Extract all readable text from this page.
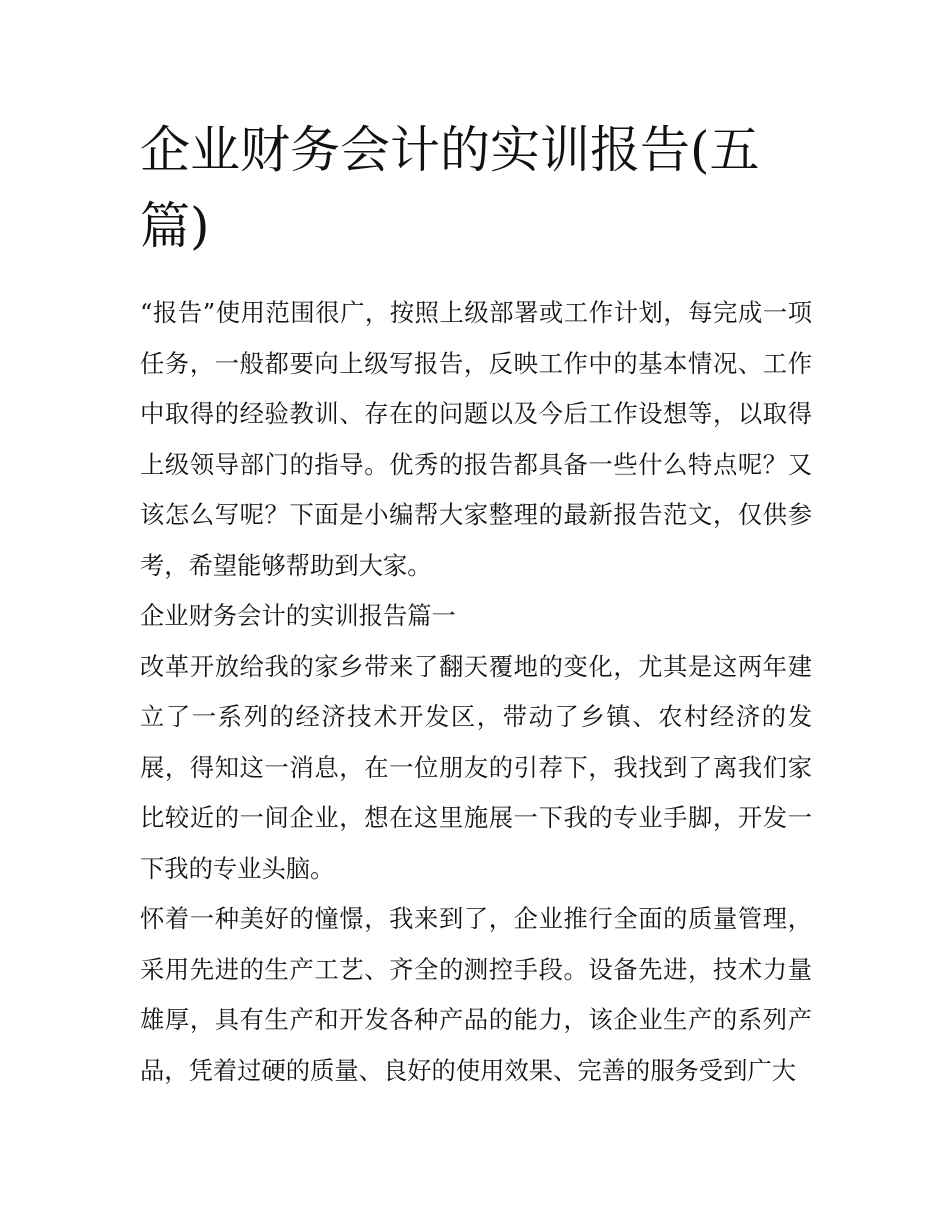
企业财务会计的实训报告(五篇)

“报告”使用范围很广，按照上级部署或工作计划，每完成一项任务，一般都要向上级写报告，反映工作中的基本情况、工作中取得的经验教训、存在的问题以及今后工作设想等，以取得上级领导部门的指导。优秀的报告都具备一些什么特点呢？又该怎么写呢？下面是小编帮大家整理的最新报告范文，仅供参考，希望能够帮助到大家。

企业财务会计的实训报告篇一

改革开放给我的家乡带来了翻天覆地的变化，尤其是这两年建立了一系列的经济技术开发区，带动了乡镇、农村经济的发展，得知这一消息，在一位朋友的引荐下，我找到了离我们家比较近的一间企业，想在这里施展一下我的专业手脚，开发一下我的专业头脑。

怀着一种美好的憧憬，我来到了，企业推行全面的质量管理，采用先进的生产工艺、齐全的测控手段。设备先进，技术力量雄厚，具有生产和开发各种产品的能力，该企业生产的系列产品，凭着过硬的质量、良好的使用效果、完善的服务受到广大
